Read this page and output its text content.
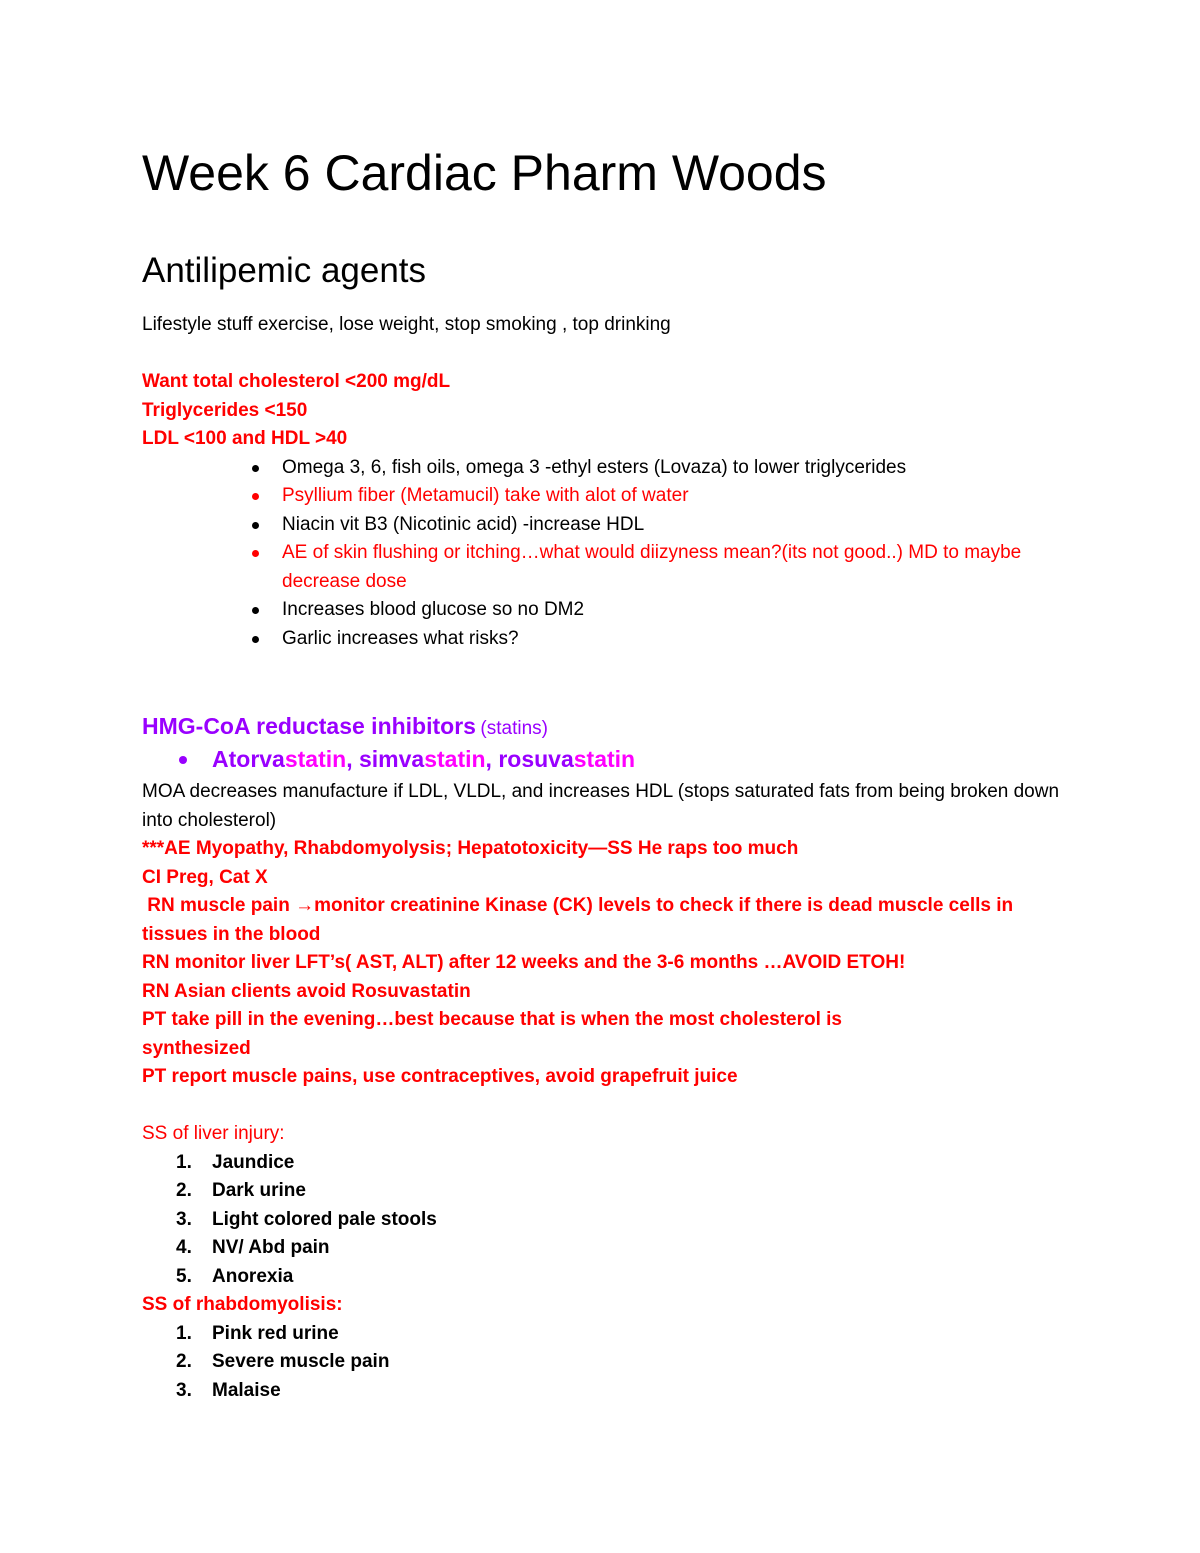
Week 6 Cardiac Pharm Woods
Antilipemic agents
Lifestyle stuff exercise, lose weight, stop smoking , top drinking
Want total cholesterol <200 mg/dL
Triglycerides <150
LDL <100 and HDL >40
Omega 3, 6, fish oils, omega 3 -ethyl esters (Lovaza) to lower triglycerides
Psyllium fiber (Metamucil) take with alot of water
Niacin vit B3 (Nicotinic acid) -increase HDL
AE of skin flushing or itching…what would diizyness mean?(its not good..) MD to maybe decrease dose
Increases blood glucose so no DM2
Garlic increases what risks?
HMG-CoA reductase inhibitors (statins)
Atorvastatin, simvastatin, rosuvastatin
MOA decreases manufacture if LDL, VLDL, and increases HDL (stops saturated fats from being broken down into cholesterol)
***AE Myopathy, Rhabdomyolysis; Hepatotoxicity—SS He raps too much
CI Preg, Cat X
RN muscle pain →monitor creatinine Kinase (CK) levels to check if there is dead muscle cells in tissues in the blood
RN monitor liver LFT’s( AST, ALT) after 12 weeks and the 3-6 months …AVOID ETOH!
RN Asian clients avoid Rosuvastatin
PT take pill in the evening…best because that is when the most cholesterol is synthesized
PT report muscle pains, use contraceptives, avoid grapefruit juice
SS of liver injury:
1. Jaundice
2. Dark urine
3. Light colored pale stools
4. NV/ Abd pain
5. Anorexia
SS of rhabdomyolisis:
1. Pink red urine
2. Severe muscle pain
3. Malaise
